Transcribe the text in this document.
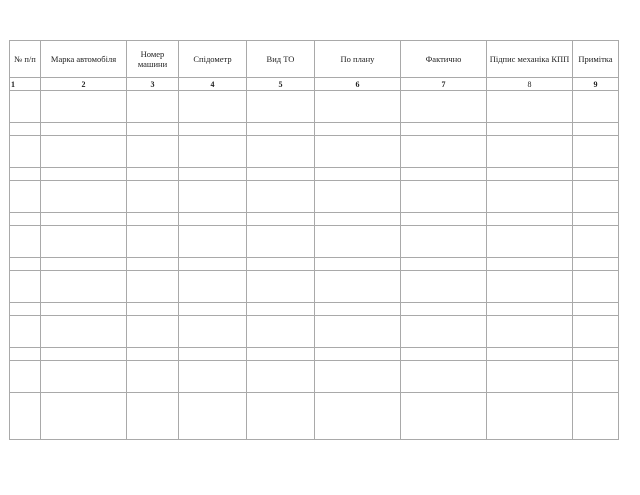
№ п/п	Марка автомобіля	Номер машини	Спідометр	Вид ТО	По плану	Фактично	Підпис механіка КПП	Примітка
1	2	3	4	5	6	7	8	9
